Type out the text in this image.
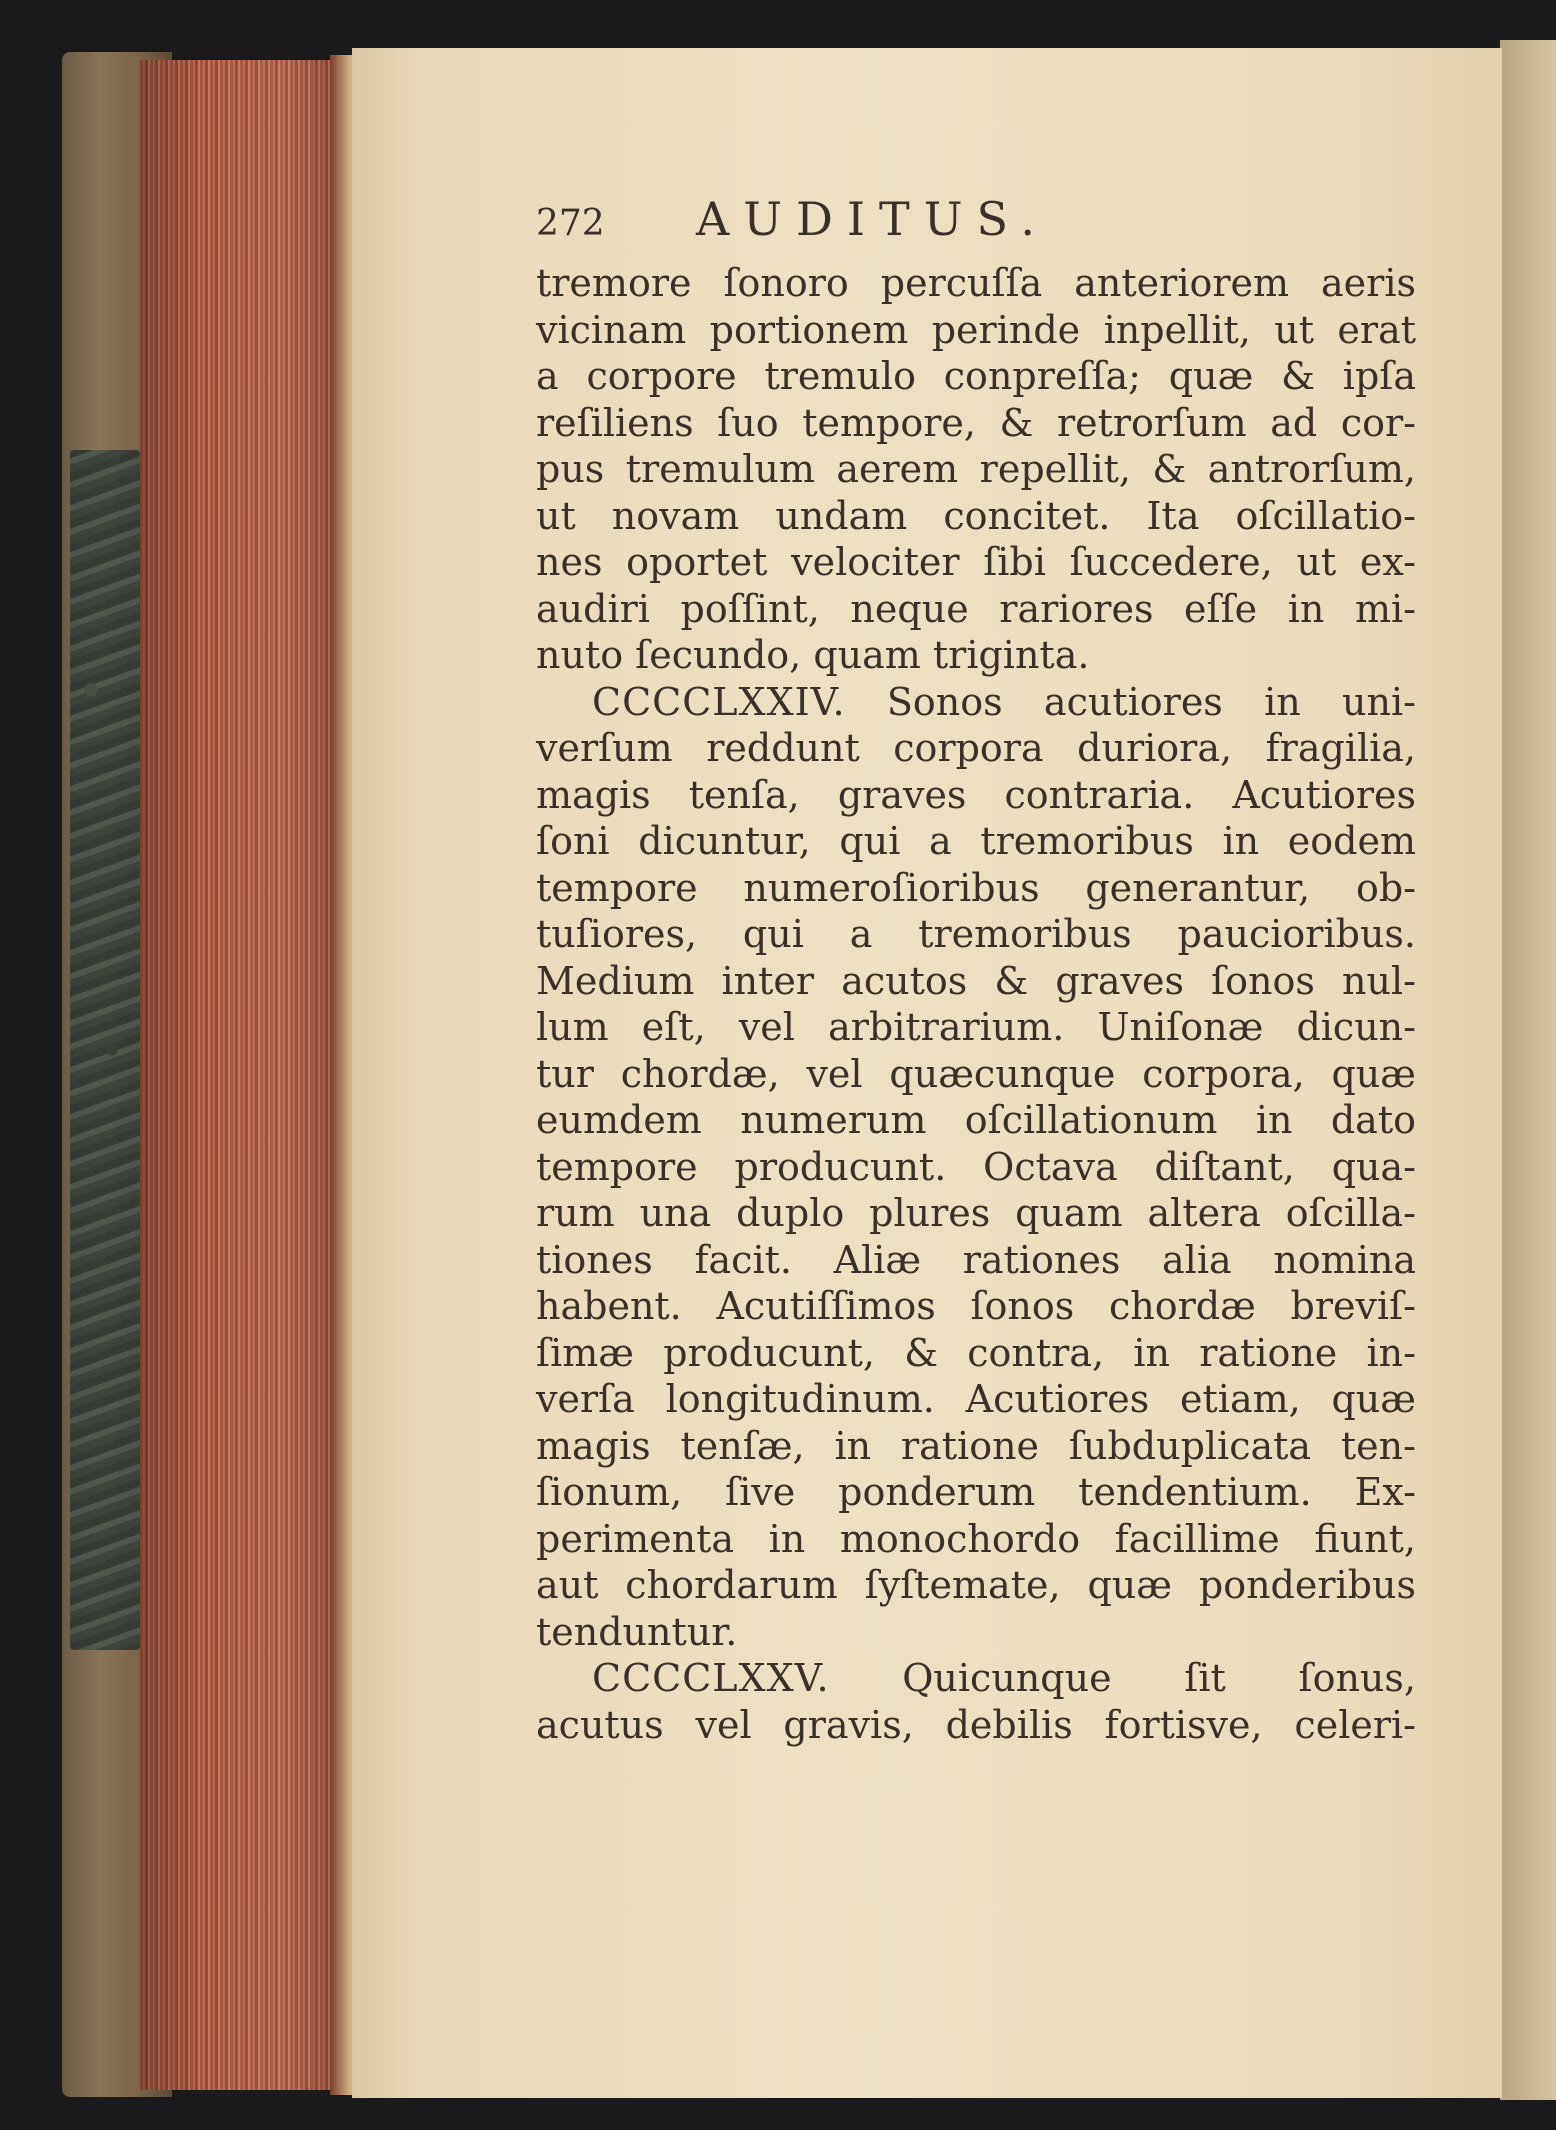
272	AUDITUS.
tremore ſonoro percuſſa anteriorem aeris
vicinam portionem perinde inpellit, ut erat
a corpore tremulo conpreſſa; quæ & ipſa
reſiliens ſuo tempore, & retrorſum ad cor-
pus tremulum aerem repellit, & antrorſum,
ut novam undam concitet. Ita oſcillatio-
nes oportet velociter ſibi ſuccedere, ut ex-
audiri poſſint, neque rariores eſſe in mi-
nuto ſecundo, quam triginta.
CCCCLXXIV. Sonos acutiores in uni-
verſum reddunt corpora duriora, fragilia,
magis tenſa, graves contraria. Acutiores
ſoni dicuntur, qui a tremoribus in eodem
tempore numeroſioribus generantur, ob-
tuſiores, qui a tremoribus paucioribus.
Medium inter acutos & graves ſonos nul-
lum eſt, vel arbitrarium. Uniſonæ dicun-
tur chordæ, vel quæcunque corpora, quæ
eumdem numerum oſcillationum in dato
tempore producunt. Octava diſtant, qua-
rum una duplo plures quam altera oſcilla-
tiones facit. Aliæ rationes alia nomina
habent. Acutiſſimos ſonos chordæ breviſ-
ſimæ producunt, & contra, in ratione in-
verſa longitudinum. Acutiores etiam, quæ
magis tenſæ, in ratione ſubduplicata ten-
ſionum, ſive ponderum tendentium. Ex-
perimenta in monochordo facillime fiunt,
aut chordarum ſyſtemate, quæ ponderibus
tenduntur.
CCCCLXXV. Quicunque ſit ſonus,
acutus vel gravis, debilis fortisve, celeri-
